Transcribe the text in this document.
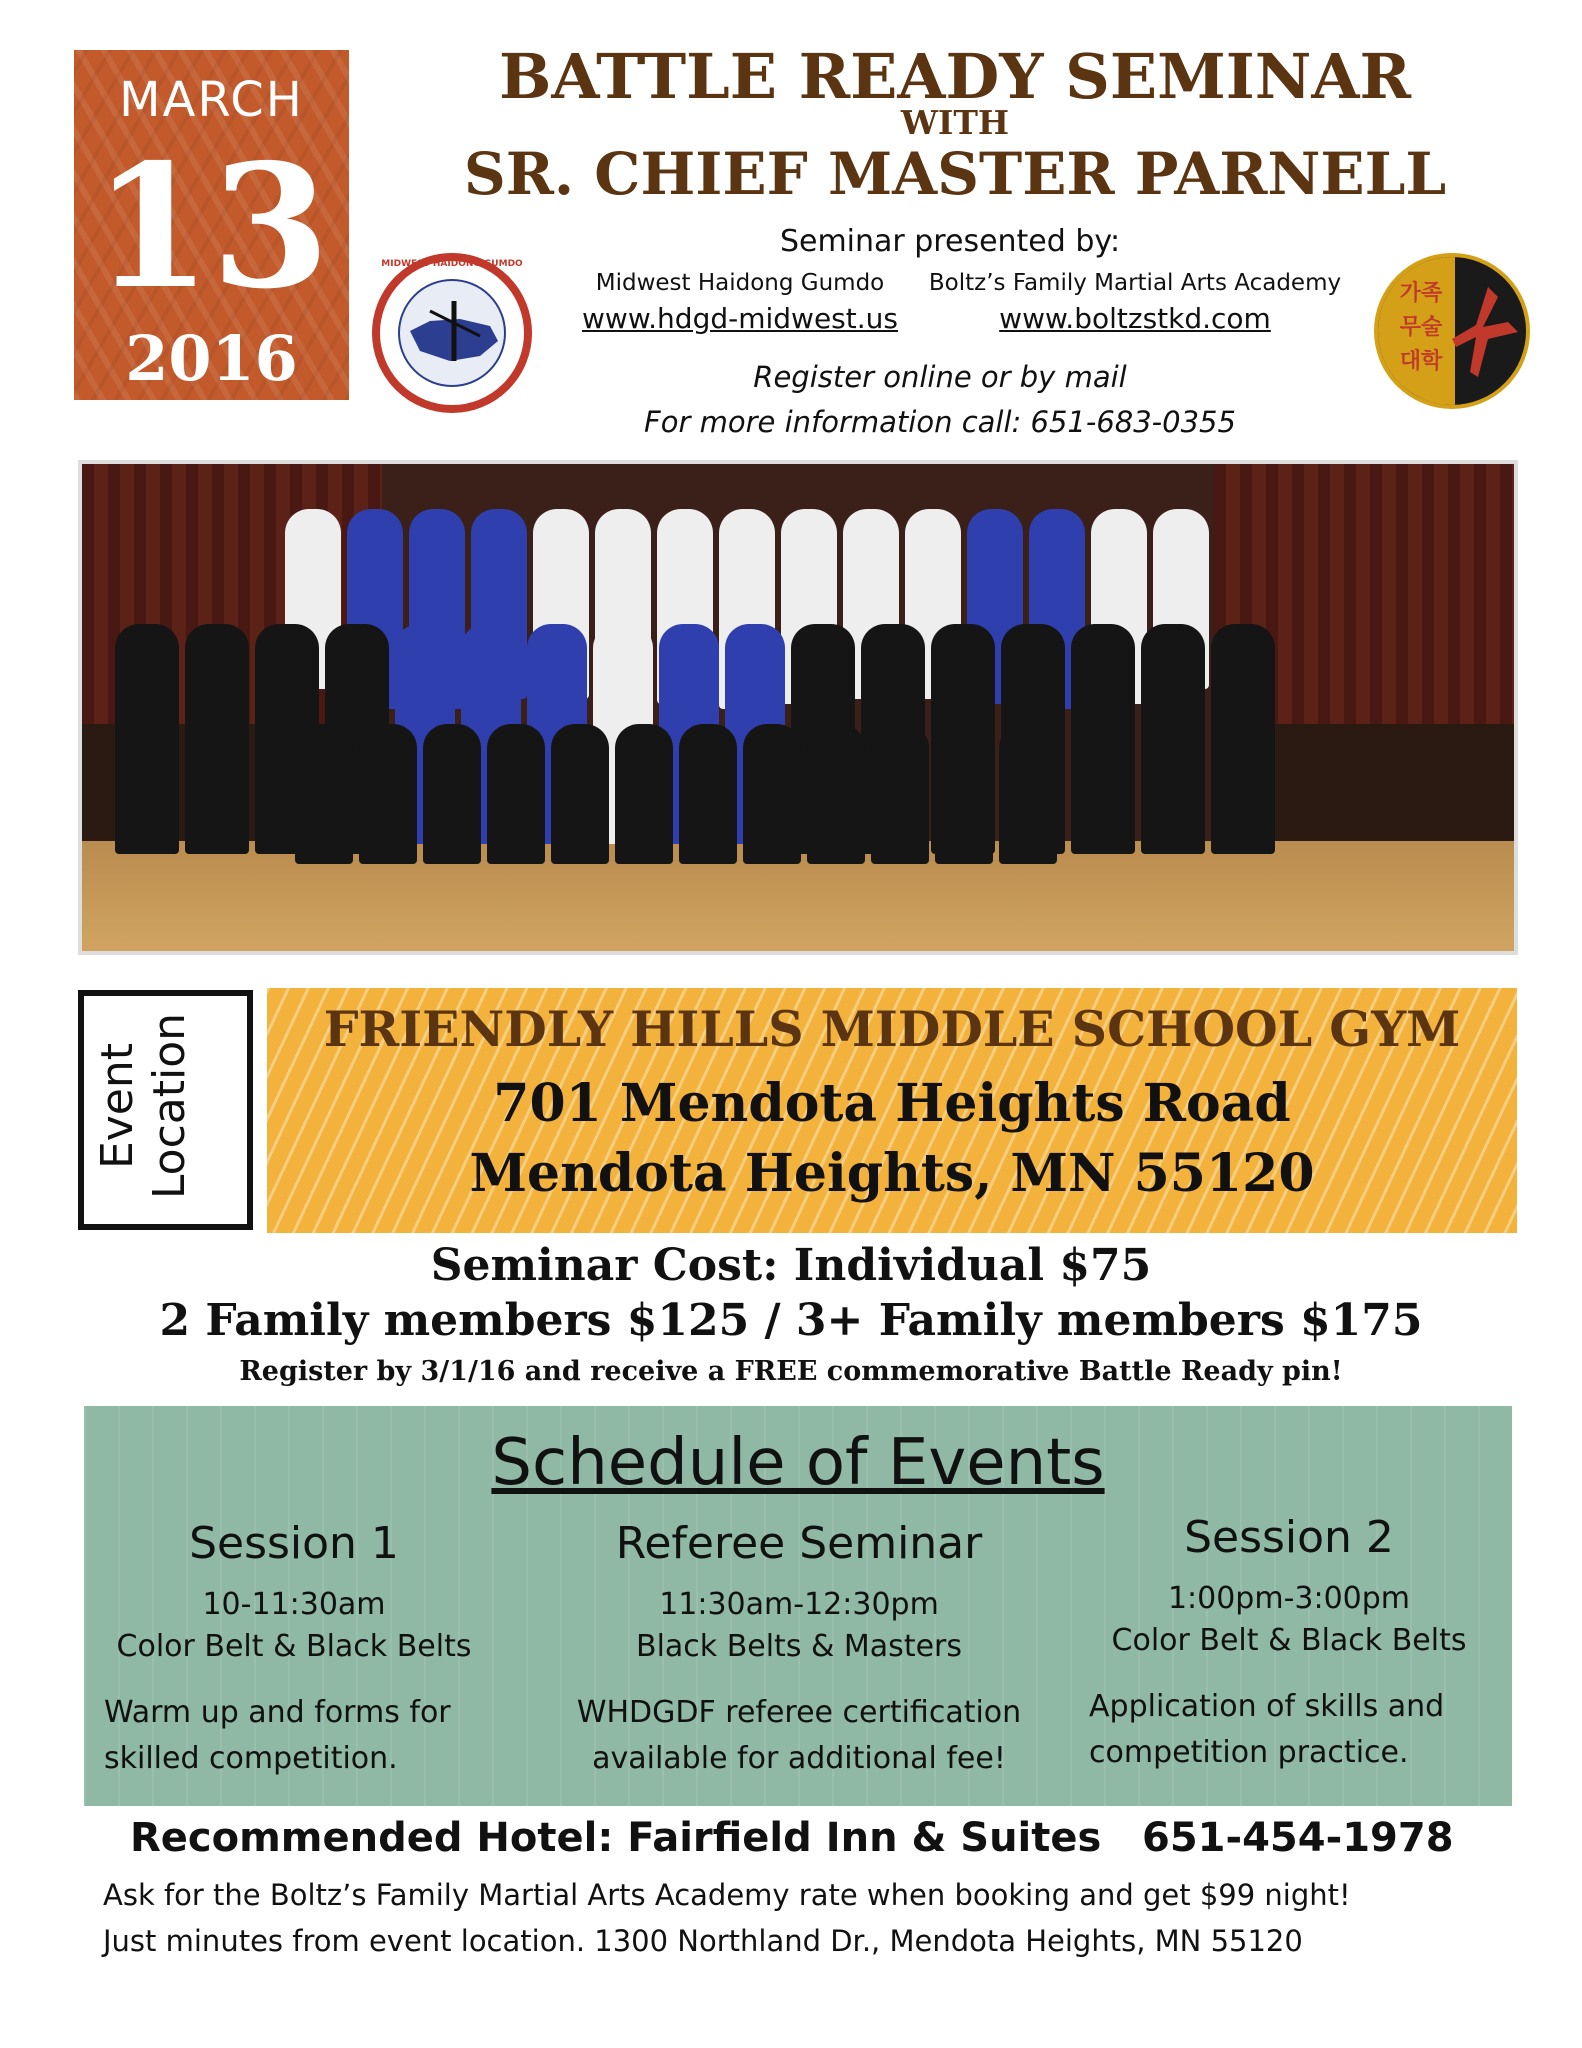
MARCH
13
2016
BATTLE READY SEMINAR
WITH
SR. CHIEF MASTER PARNELL
Seminar presented by:
Midwest Haidong Gumdo	Boltz’s Family Martial Arts Academy
www.hdgd-midwest.us	www.boltzstkd.com
Register online or by mail
For more information call: 651-683-0355
MIDWEST HAIDONG GUMDO
가족
무술
대학
Event Location	FRIENDLY HILLS MIDDLE SCHOOL GYM
701 Mendota Heights Road
Mendota Heights, MN 55120
Seminar Cost: Individual $75
2 Family members $125 / 3+ Family members $175
Register by 3/1/16 and receive a FREE commemorative Battle Ready pin!
Schedule of Events
Session 1
10-11:30am
Color Belt & Black Belts
Warm up and forms for
skilled competition.
Referee Seminar
11:30am-12:30pm
Black Belts & Masters
WHDGDF referee certification
available for additional fee!
Session 2
1:00pm-3:00pm
Color Belt & Black Belts
Application of skills and
competition practice.
Recommended Hotel: Fairfield Inn & Suites 651-454-1978
Ask for the Boltz’s Family Martial Arts Academy rate when booking and get $99 night!
Just minutes from event location. 1300 Northland Dr., Mendota Heights, MN 55120
